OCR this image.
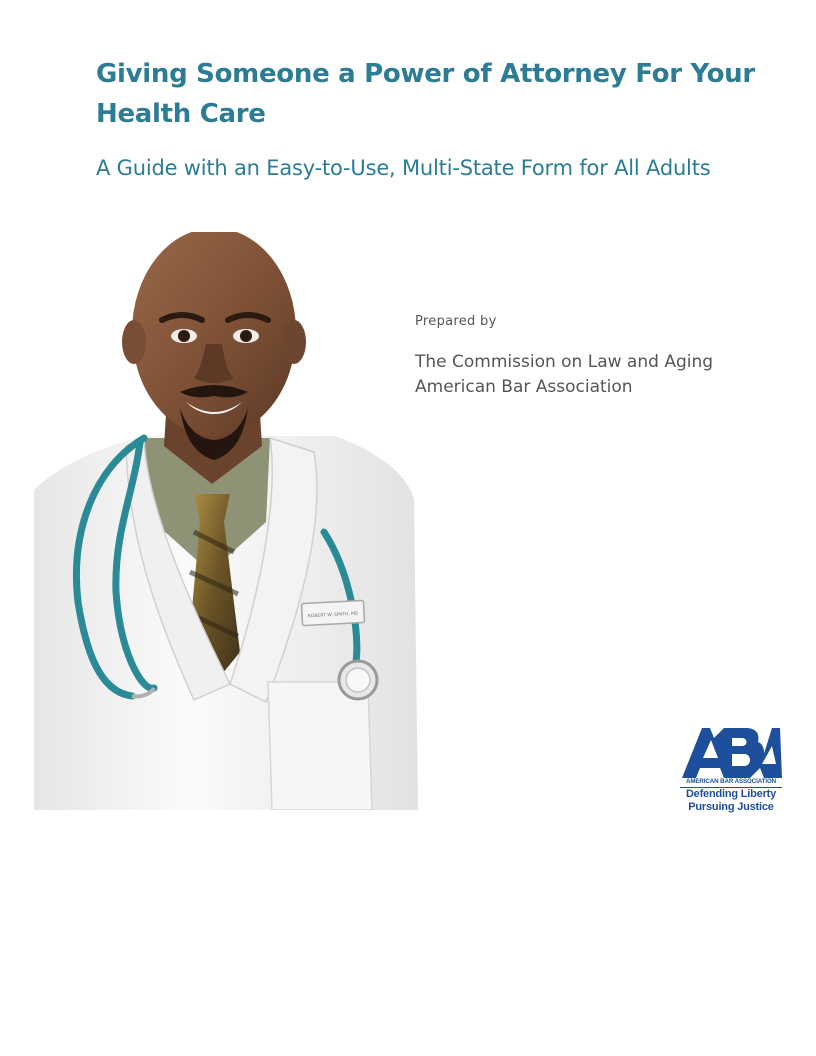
Giving Someone a Power of Attorney For Your Health Care
A Guide with an Easy-to-Use, Multi-State Form for All Adults

Prepared by

The Commission on Law and Aging
American Bar Association

ROBERT W. SMITH, MD
AMERICAN BAR ASSOCIATION
Defending Liberty
Pursuing Justice
